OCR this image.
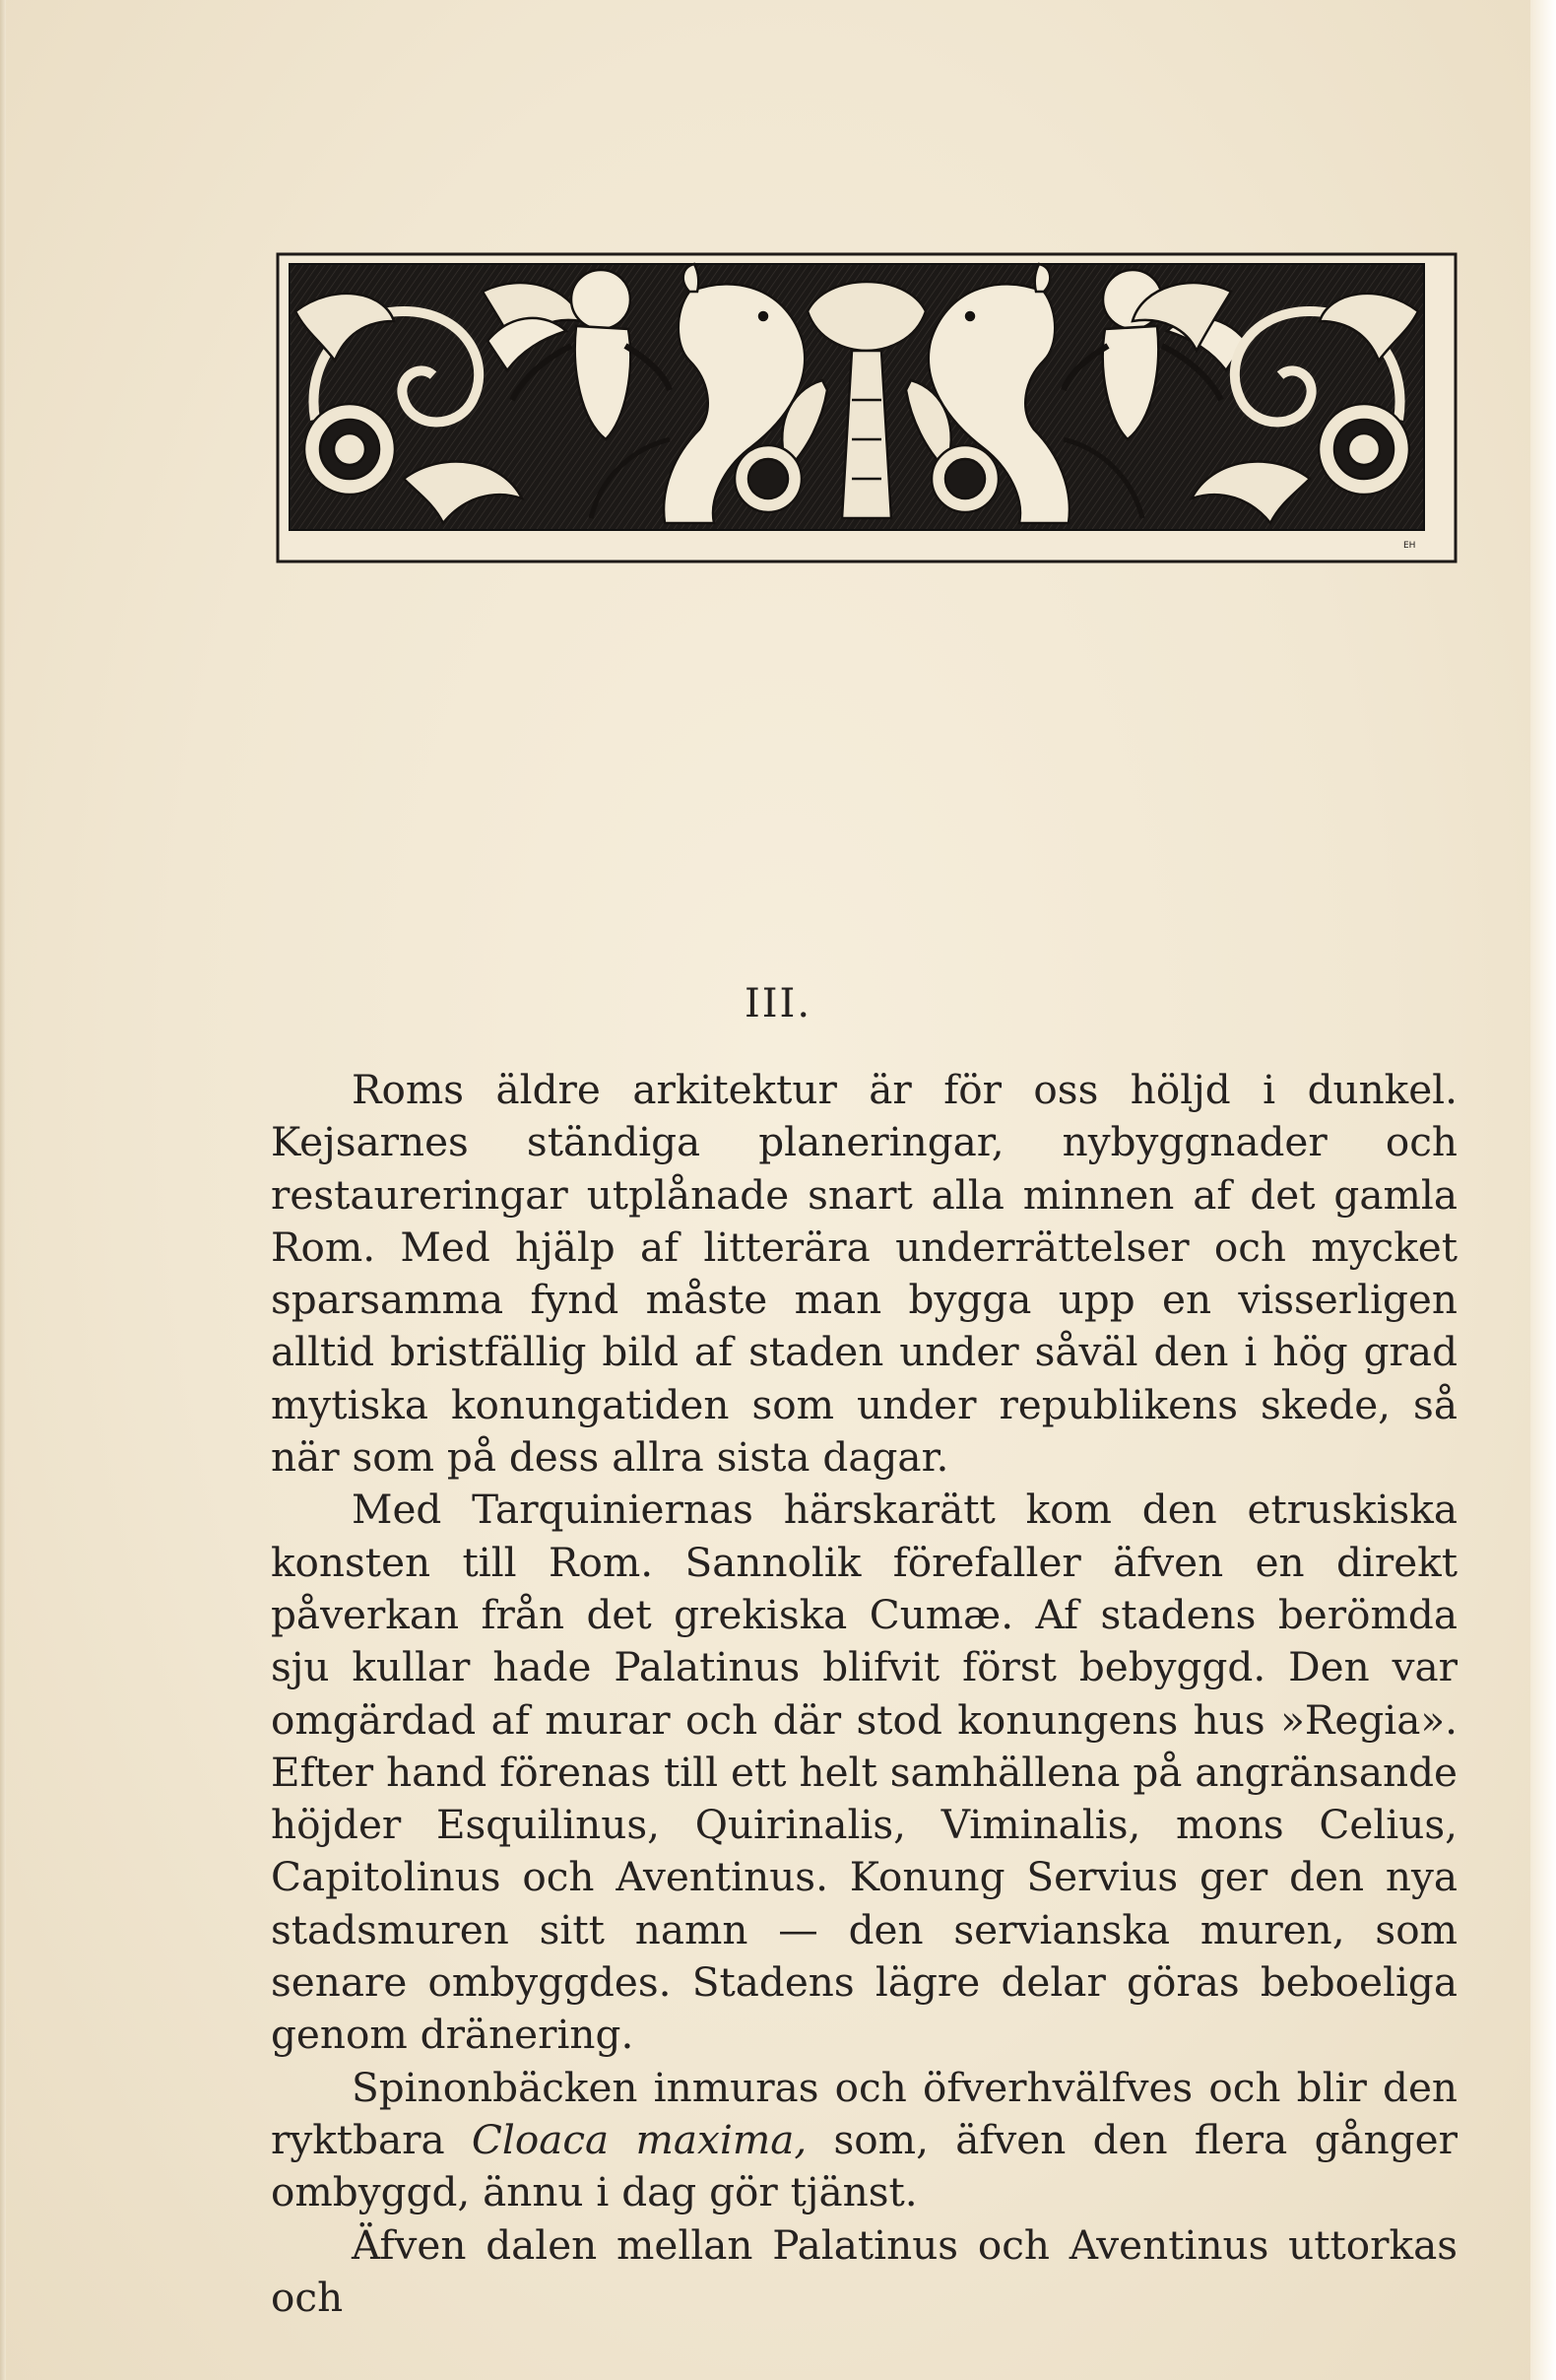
EH
III.

Roms äldre arkitektur är för oss höljd i dunkel. Kejsarnes ständiga planeringar, nybyggnader och restaureringar utplånade snart alla minnen af det gamla Rom. Med hjälp af litterära underrättelser och mycket sparsamma fynd måste man bygga upp en visserligen alltid bristfällig bild af staden under såväl den i hög grad mytiska konungatiden som under republikens skede, så när som på dess allra sista dagar.

Med Tarquiniernas härskarätt kom den etruskiska konsten till Rom. Sannolik förefaller äfven en direkt påverkan från det grekiska Cumæ. Af stadens berömda sju kullar hade Palatinus blifvit först bebyggd. Den var omgärdad af murar och där stod konungens hus »Regia». Efter hand förenas till ett helt samhällena på angränsande höjder Esquilinus, Quirinalis, Viminalis, mons Celius, Capitolinus och Aventinus. Konung Servius ger den nya stadsmuren sitt namn — den servianska muren, som senare ombyggdes. Stadens lägre delar göras beboeliga genom dränering.

Spinonbäcken inmuras och öfverhvälfves och blir den ryktbara Cloaca maxima, som, äfven den flera gånger ombyggd, ännu i dag gör tjänst.

Äfven dalen mellan Palatinus och Aventinus uttorkas och
